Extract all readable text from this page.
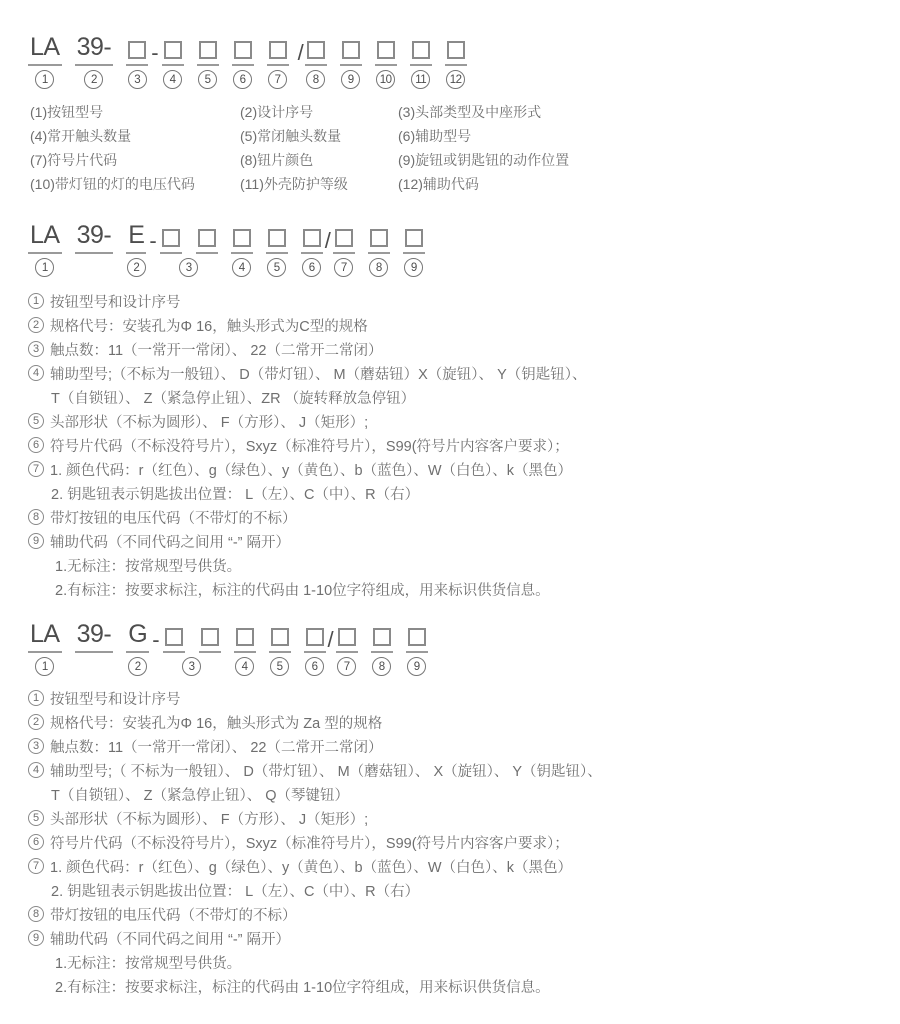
LA
1
39-
2	3
-
4	5	6	7
/
8	9	10	11	12
(1)按钮型号	(2)设计序号	(3)头部类型及中座形式
(4)常开触头数量	(5)常闭触头数量	(6)辅助型号
(7)符号片代码	(8)钮片颜色	(9)旋钮或钥匙钮的动作位置
(10)带灯钮的灯的电压代码	(11)外壳防护等级	(12)辅助代码
LA
1
39- E
2
-
3	4	5	6
/
7	8	9
1 按钮型号和设计序号
2 规格代号：安装孔为Φ 16，触头形式为C型的规格
3 触点数：11（一常开一常闭）、 22（二常开二常闭）
4 辅助型号;（不标为一般钮）、 D（带灯钮）、 M（蘑菇钮）X（旋钮）、 Y（钥匙钮）、
T（自锁钮）、 Z（紧急停止钮）、ZR （旋转释放急停钮）
5 头部形状（不标为圆形）、 F（方形）、 J（矩形）;
6 符号片代码（不标没符号片），Sxyz（标准符号片），S99(符号片内容客户要求）；
7 1. 颜色代码：r（红色）、g（绿色）、y（黄色）、b（蓝色）、W（白色）、k（黑色）
2. 钥匙钮表示钥匙拔出位置： L（左）、C（中）、R（右）
8 带灯按钮的电压代码（不带灯的不标）
9 辅助代码（不同代码之间用 “-” 隔开）
1.无标注：按常规型号供货。
2.有标注：按要求标注，标注的代码由 1-10位字符组成，用来标识供货信息。
LA
1
39- G
2
-
3	4	5	6
/
7	8	9
1 按钮型号和设计序号
2 规格代号：安装孔为Φ 16，触头形式为 Za 型的规格
3 触点数：11（一常开一常闭）、 22（二常开二常闭）
4 辅助型号;（ 不标为一般钮）、 D（带灯钮）、 M（蘑菇钮）、 X（旋钮）、 Y（钥匙钮）、
T（自锁钮）、 Z（紧急停止钮）、 Q（琴键钮）
5 头部形状（不标为圆形）、 F（方形）、 J（矩形）;
6 符号片代码（不标没符号片），Sxyz（标准符号片），S99(符号片内容客户要求）；
7 1. 颜色代码：r（红色）、g（绿色）、y（黄色）、b（蓝色）、W（白色）、k（黑色）
2. 钥匙钮表示钥匙拔出位置： L（左）、C（中）、R（右）
8 带灯按钮的电压代码（不带灯的不标）
9 辅助代码（不同代码之间用 “-” 隔开）
1.无标注：按常规型号供货。
2.有标注：按要求标注，标注的代码由 1-10位字符组成，用来标识供货信息。
